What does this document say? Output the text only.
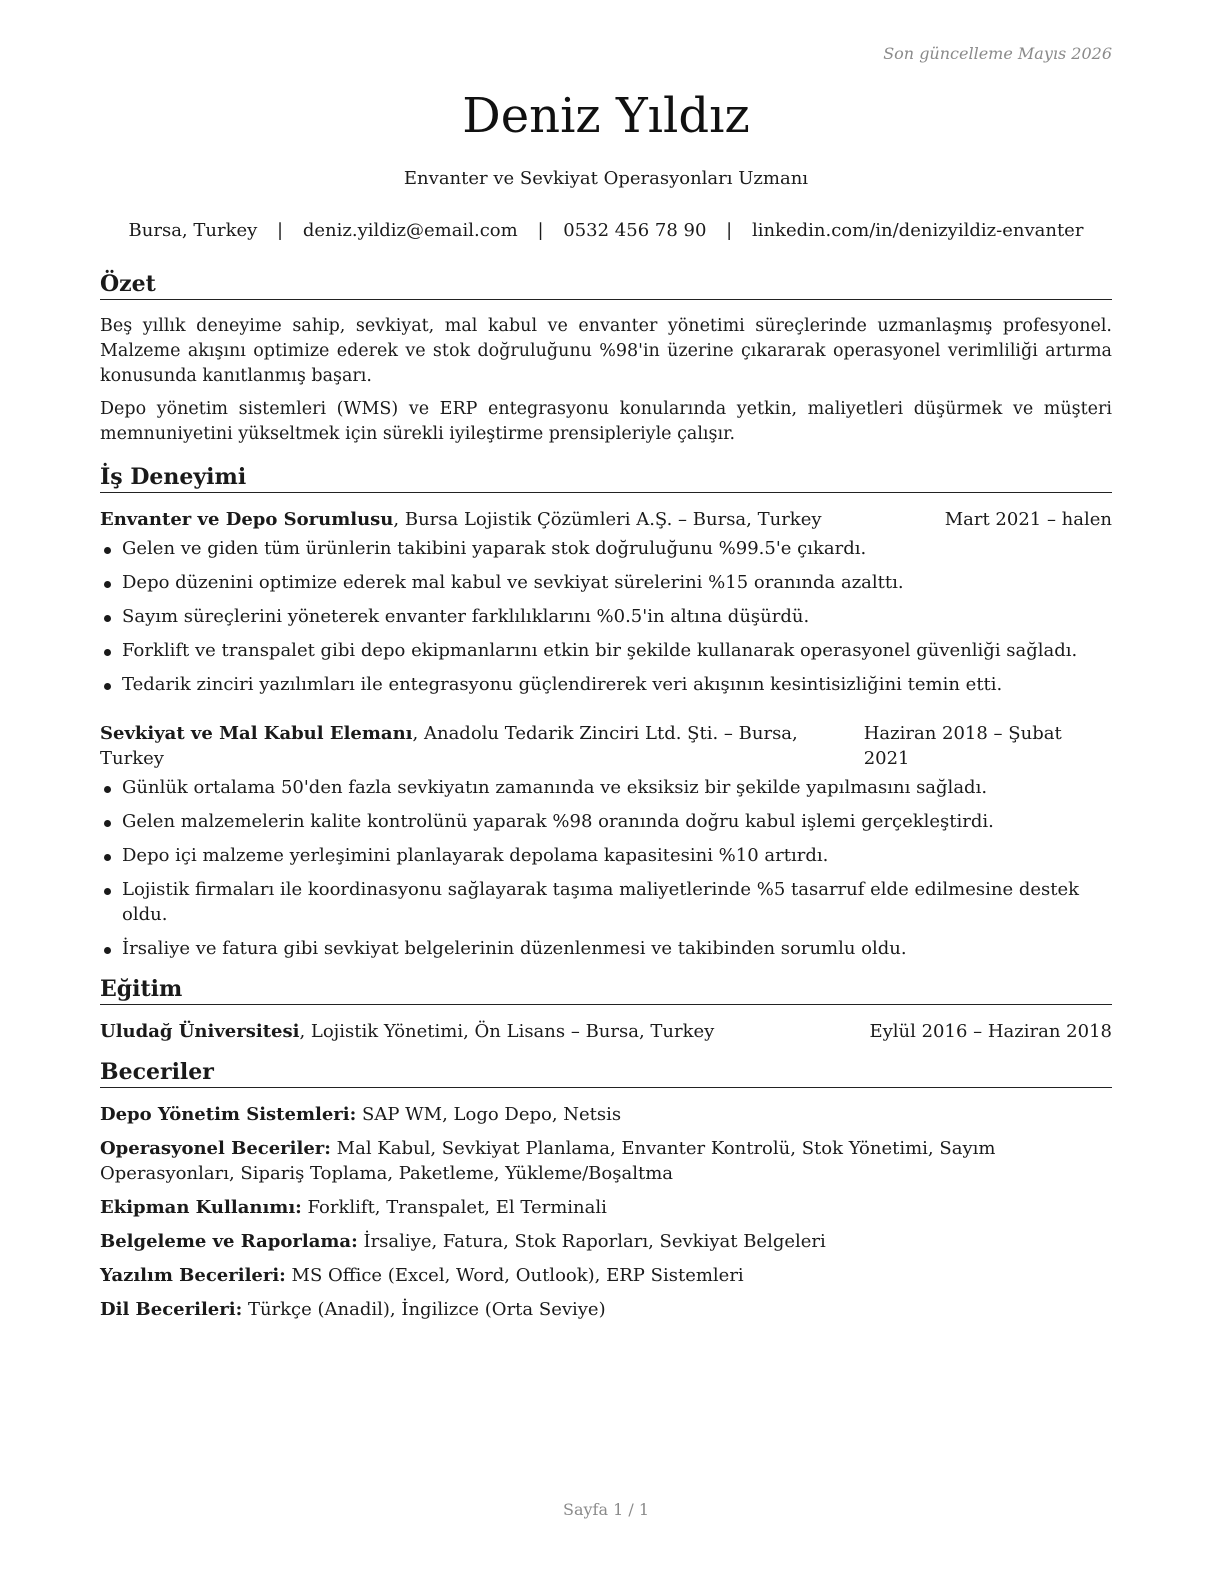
Son güncelleme Mayıs 2026
Deniz Yıldız
Envanter ve Sevkiyat Operasyonları Uzmanı
Bursa, Turkey | deniz.yildiz@email.com | 0532 456 78 90 | linkedin.com/in/denizyildiz-envanter
Özet

Beş yıllık deneyime sahip, sevkiyat, mal kabul ve envanter yönetimi süreçlerinde uzmanlaşmış profesyonel. Malzeme akışını optimize ederek ve stok doğruluğunu %98'in üzerine çıkararak operasyonel verimliliği artırma konusunda kanıtlanmış başarı.

Depo yönetim sistemleri (WMS) ve ERP entegrasyonu konularında yetkin, maliyetleri düşürmek ve müşteri memnuniyetini yükseltmek için sürekli iyileştirme prensipleriyle çalışır.

İş Deneyimi
Envanter ve Depo Sorumlusu, Bursa Lojistik Çözümleri A.Ş. – Bursa, Turkey	Mart 2021 – halen
Gelen ve giden tüm ürünlerin takibini yaparak stok doğruluğunu %99.5'e çıkardı.
Depo düzenini optimize ederek mal kabul ve sevkiyat sürelerini %15 oranında azalttı.
Sayım süreçlerini yöneterek envanter farklılıklarını %0.5'in altına düşürdü.
Forklift ve transpalet gibi depo ekipmanlarını etkin bir şekilde kullanarak operasyonel güvenliği sağladı.
Tedarik zinciri yazılımları ile entegrasyonu güçlendirerek veri akışının kesintisizliğini temin etti.
Sevkiyat ve Mal Kabul Elemanı, Anadolu Tedarik Zinciri Ltd. Şti. – Bursa, Turkey
Haziran 2018 – Şubat 2021
Günlük ortalama 50'den fazla sevkiyatın zamanında ve eksiksiz bir şekilde yapılmasını sağladı.
Gelen malzemelerin kalite kontrolünü yaparak %98 oranında doğru kabul işlemi gerçekleştirdi.
Depo içi malzeme yerleşimini planlayarak depolama kapasitesini %10 artırdı.
Lojistik firmaları ile koordinasyonu sağlayarak taşıma maliyetlerinde %5 tasarruf elde edilmesine destek oldu.
İrsaliye ve fatura gibi sevkiyat belgelerinin düzenlenmesi ve takibinden sorumlu oldu.
Eğitim
Uludağ Üniversitesi, Lojistik Yönetimi, Ön Lisans – Bursa, Turkey	Eylül 2016 – Haziran 2018
Beceriler
Depo Yönetim Sistemleri: SAP WM, Logo Depo, Netsis
Operasyonel Beceriler: Mal Kabul, Sevkiyat Planlama, Envanter Kontrolü, Stok Yönetimi, Sayım Operasyonları, Sipariş Toplama, Paketleme, Yükleme/Boşaltma
Ekipman Kullanımı: Forklift, Transpalet, El Terminali
Belgeleme ve Raporlama: İrsaliye, Fatura, Stok Raporları, Sevkiyat Belgeleri
Yazılım Becerileri: MS Office (Excel, Word, Outlook), ERP Sistemleri
Dil Becerileri: Türkçe (Anadil), İngilizce (Orta Seviye)
Sayfa 1 / 1
